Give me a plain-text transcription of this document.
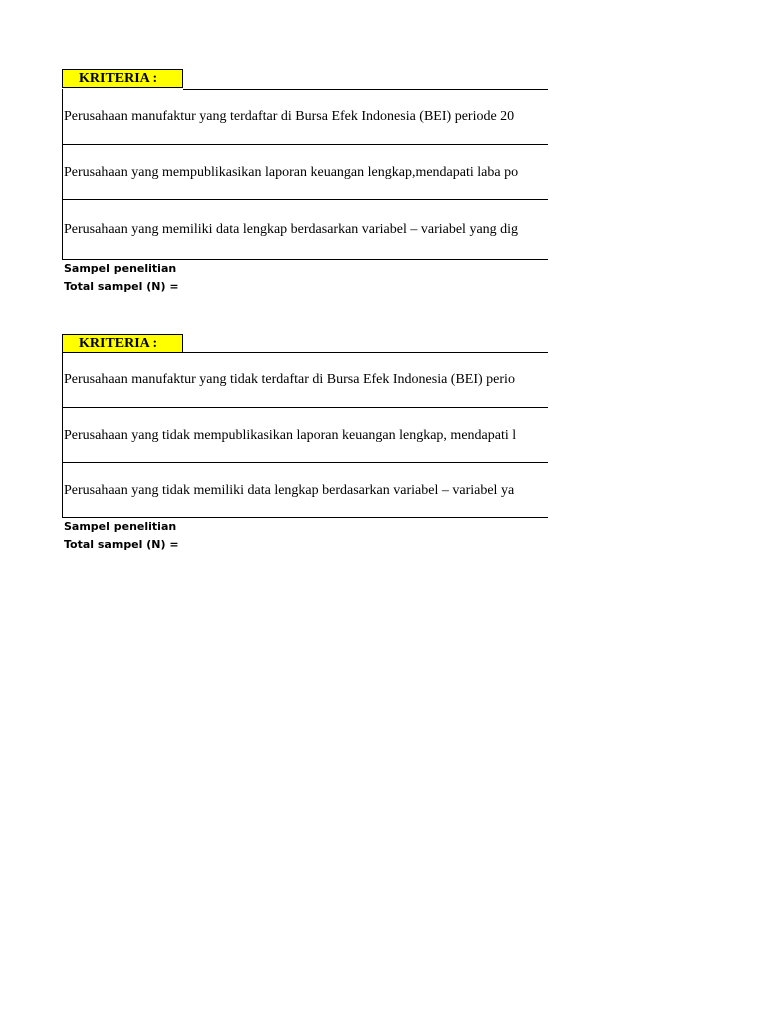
KRITERIA :
Perusahaan manufaktur yang terdaftar di Bursa Efek Indonesia (BEI) periode 20
Perusahaan yang mempublikasikan laporan keuangan lengkap,mendapati laba po
Perusahaan yang memiliki data lengkap berdasarkan variabel – variabel yang dig
Sampel penelitian
Total sampel (N) =
KRITERIA :
Perusahaan manufaktur yang tidak terdaftar di Bursa Efek Indonesia (BEI) perio
Perusahaan yang tidak mempublikasikan laporan keuangan lengkap, mendapati l
Perusahaan yang tidak memiliki data lengkap berdasarkan variabel – variabel ya
Sampel penelitian
Total sampel (N) =
